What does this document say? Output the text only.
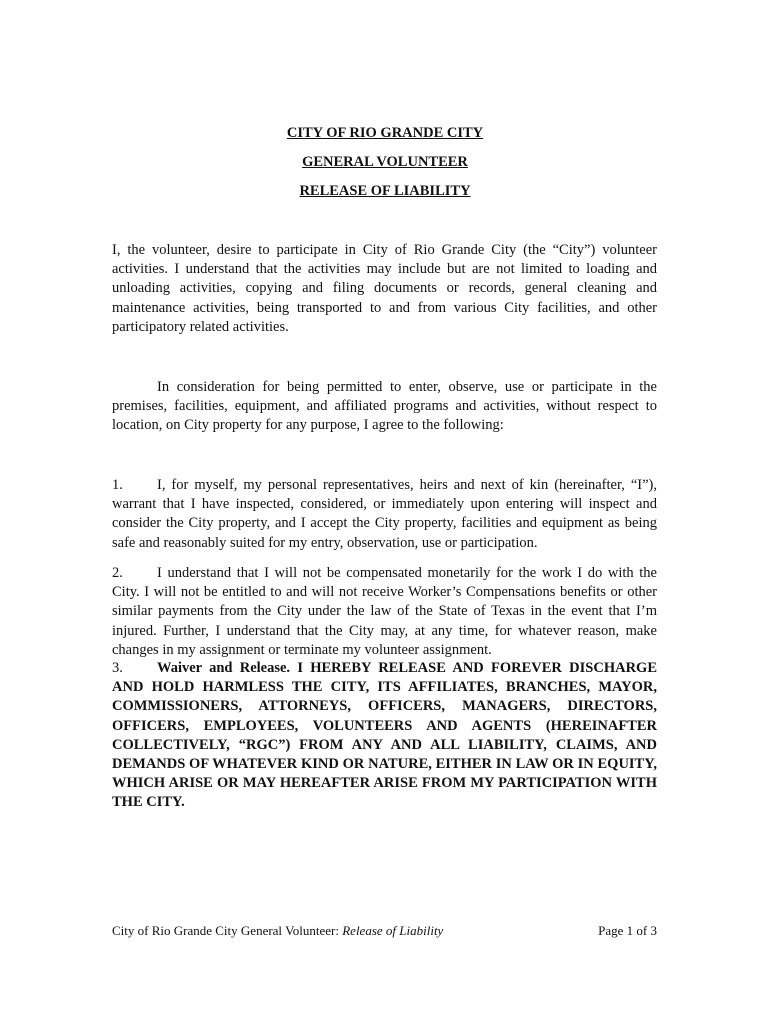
CITY OF RIO GRANDE CITY
GENERAL VOLUNTEER
RELEASE OF LIABILITY

I, the volunteer, desire to participate in City of Rio Grande City (the “City”) volunteer activities. I understand that the activities may include but are not limited to loading and unloading activities, copying and filing documents or records, general cleaning and maintenance activities, being transported to and from various City facilities, and other participatory related activities.

In consideration for being permitted to enter, observe, use or participate in the premises, facilities, equipment, and affiliated programs and activities, without respect to location, on City property for any purpose, I agree to the following:

1. I, for myself, my personal representatives, heirs and next of kin (hereinafter, “I”), warrant that I have inspected, considered, or immediately upon entering will inspect and consider the City property, and I accept the City property, facilities and equipment as being safe and reasonably suited for my entry, observation, use or participation.

2. I understand that I will not be compensated monetarily for the work I do with the City. I will not be entitled to and will not receive Worker’s Compensations benefits or other similar payments from the City under the law of the State of Texas in the event that I’m injured. Further, I understand that the City may, at any time, for whatever reason, make changes in my assignment or terminate my volunteer assignment.

3. Waiver and Release. I HEREBY RELEASE AND FOREVER DISCHARGE AND HOLD HARMLESS THE CITY, ITS AFFILIATES, BRANCHES, MAYOR, COMMISSIONERS, ATTORNEYS, OFFICERS, MANAGERS, DIRECTORS, OFFICERS, EMPLOYEES, VOLUNTEERS AND AGENTS (HEREINAFTER COLLECTIVELY, “RGC”) FROM ANY AND ALL LIABILITY, CLAIMS, AND DEMANDS OF WHATEVER KIND OR NATURE, EITHER IN LAW OR IN EQUITY, WHICH ARISE OR MAY HEREAFTER ARISE FROM MY PARTICIPATION WITH THE CITY.

City of Rio Grande City General Volunteer: Release of Liability	Page 1 of 3
